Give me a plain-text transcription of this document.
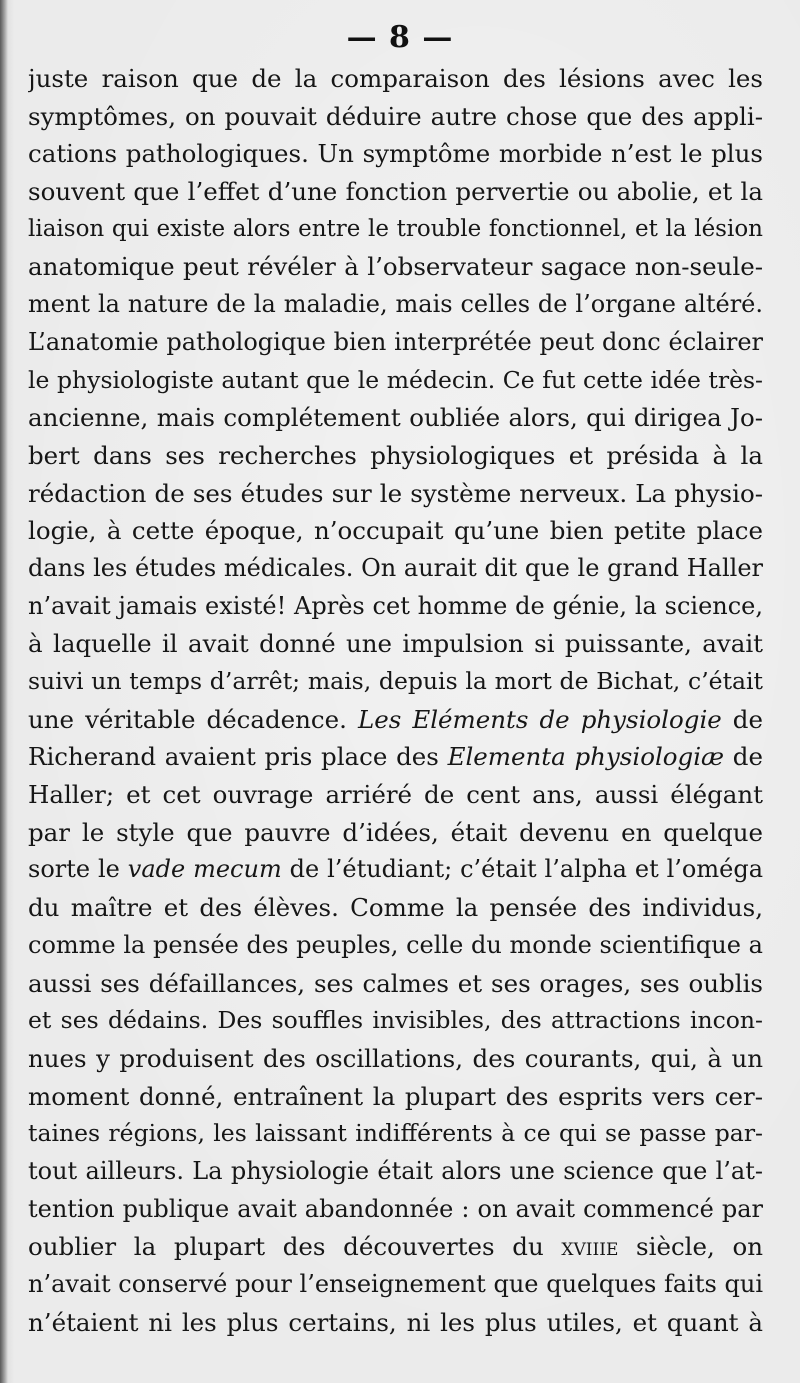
— 8 —
juste raison que de la comparaison des lésions avec les
symptômes, on pouvait déduire autre chose que des appli-
cations pathologiques. Un symptôme morbide n’est le plus
souvent que l’effet d’une fonction pervertie ou abolie, et la
liaison qui existe alors entre le trouble fonctionnel, et la lésion
anatomique peut révéler à l’observateur sagace non-seule-
ment la nature de la maladie, mais celles de l’organe altéré.
L’anatomie pathologique bien interprétée peut donc éclairer
le physiologiste autant que le médecin. Ce fut cette idée très-
ancienne, mais complétement oubliée alors, qui dirigea Jo-
bert dans ses recherches physiologiques et présida à la
rédaction de ses études sur le système nerveux. La physio-
logie, à cette époque, n’occupait qu’une bien petite place
dans les études médicales. On aurait dit que le grand Haller
n’avait jamais existé! Après cet homme de génie, la science,
à laquelle il avait donné une impulsion si puissante, avait
suivi un temps d’arrêt; mais, depuis la mort de Bichat, c’était
une véritable décadence. Les Eléments de physiologie de
Richerand avaient pris place des Elementa physiologiæ de
Haller; et cet ouvrage arriéré de cent ans, aussi élégant
par le style que pauvre d’idées, était devenu en quelque
sorte le vade mecum de l’étudiant; c’était l’alpha et l’oméga
du maître et des élèves. Comme la pensée des individus,
comme la pensée des peuples, celle du monde scientifique a
aussi ses défaillances, ses calmes et ses orages, ses oublis
et ses dédains. Des souffles invisibles, des attractions incon-
nues y produisent des oscillations, des courants, qui, à un
moment donné, entraînent la plupart des esprits vers cer-
taines régions, les laissant indifférents à ce qui se passe par-
tout ailleurs. La physiologie était alors une science que l’at-
tention publique avait abandonnée : on avait commencé par
oublier la plupart des découvertes du xviiie siècle, on
n’avait conservé pour l’enseignement que quelques faits qui
n’étaient ni les plus certains, ni les plus utiles, et quant à
